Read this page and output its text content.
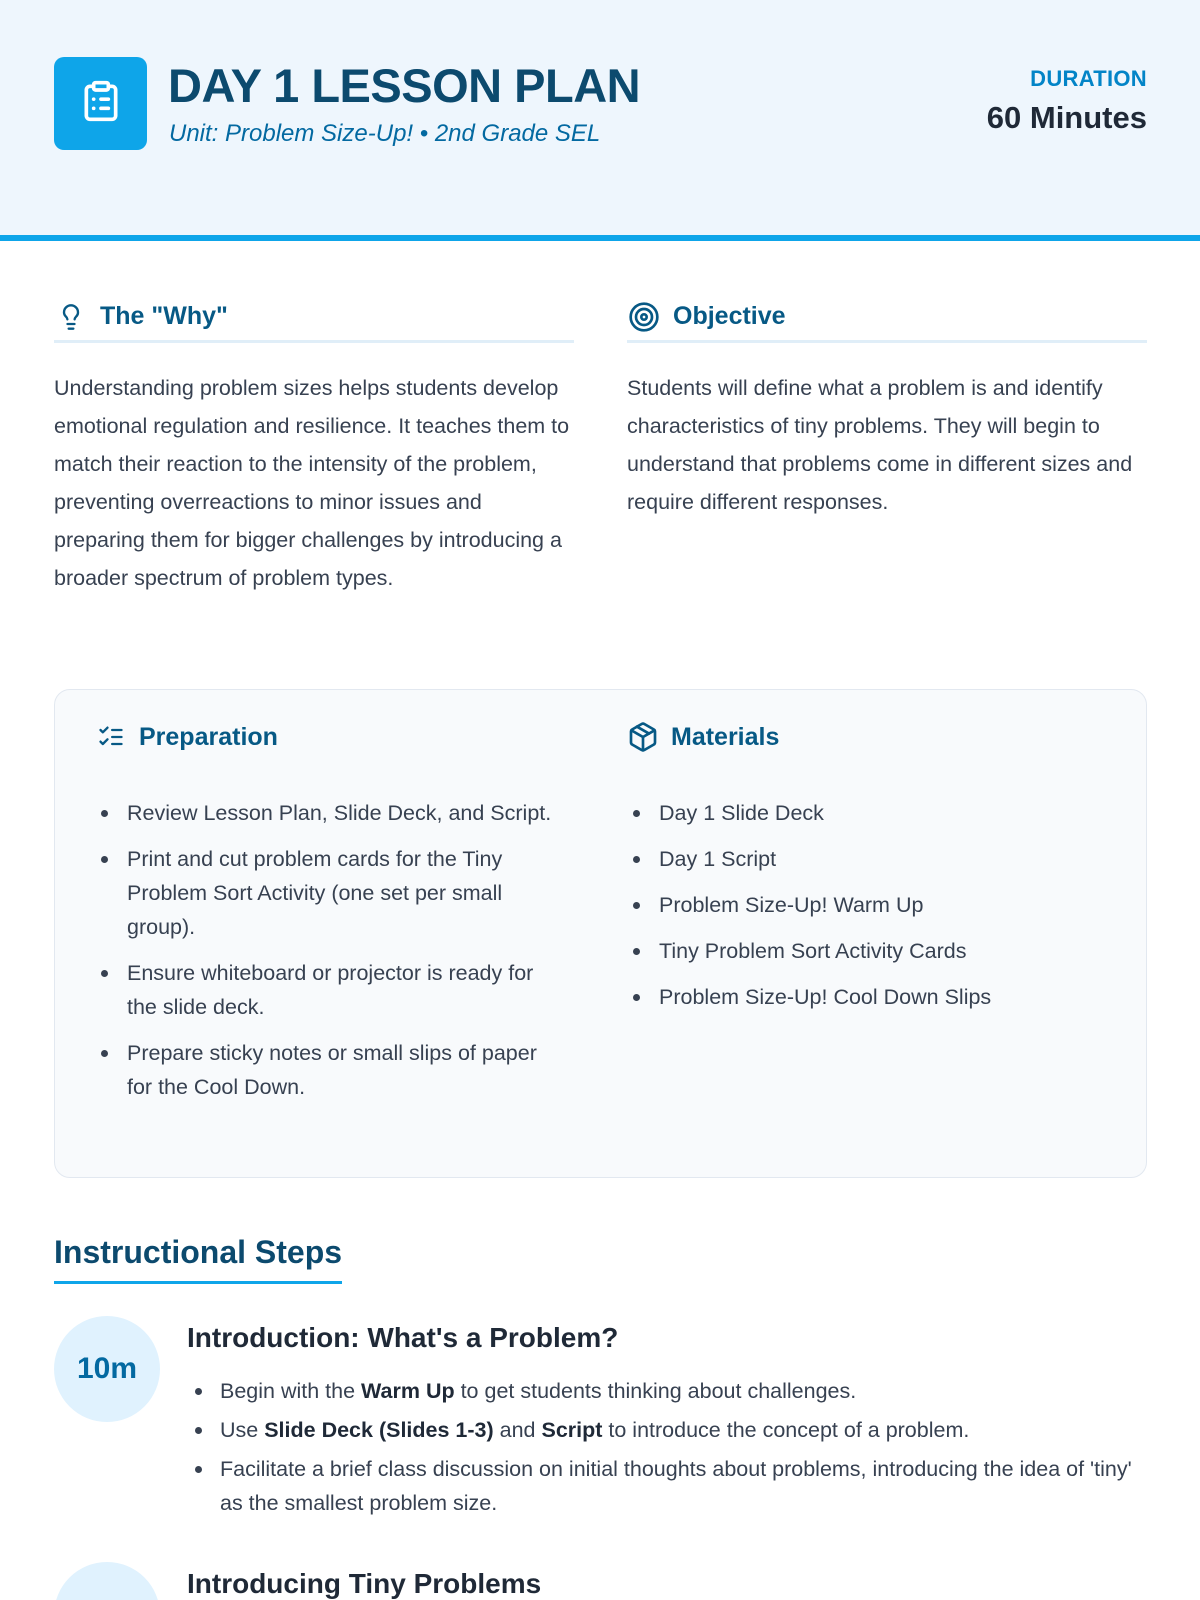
DAY 1 LESSON PLAN
Unit: Problem Size-Up! • 2nd Grade SEL
DURATION
60 Minutes
The "Why"
Understanding problem sizes helps students develop emotional regulation and resilience. It teaches them to match their reaction to the intensity of the problem, preventing overreactions to minor issues and preparing them for bigger challenges by introducing a broader spectrum of problem types.
Objective
Students will define what a problem is and identify characteristics of tiny problems. They will begin to understand that problems come in different sizes and require different responses.
Preparation
Review Lesson Plan, Slide Deck, and Script.
Print and cut problem cards for the Tiny Problem Sort Activity (one set per small group).
Ensure whiteboard or projector is ready for the slide deck.
Prepare sticky notes or small slips of paper for the Cool Down.
Materials
Day 1 Slide Deck
Day 1 Script
Problem Size-Up! Warm Up
Tiny Problem Sort Activity Cards
Problem Size-Up! Cool Down Slips
Instructional Steps
10m
Introduction: What's a Problem?
Begin with the Warm Up to get students thinking about challenges.
Use Slide Deck (Slides 1-3) and Script to introduce the concept of a problem.
Facilitate a brief class discussion on initial thoughts about problems, introducing the idea of 'tiny' as the smallest problem size.
Introducing Tiny Problems
